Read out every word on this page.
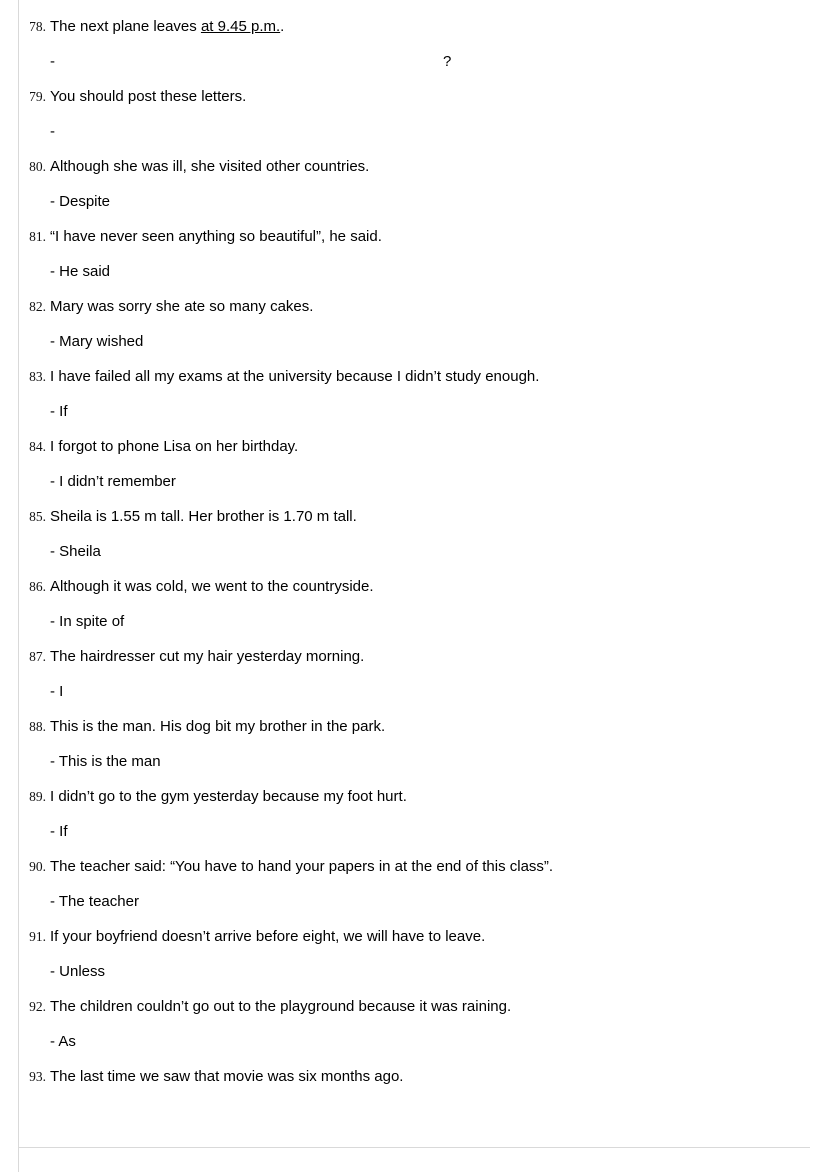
78. The next plane leaves at 9.45 p.m..
-	?
79. You should post these letters.
-
80. Although she was ill, she visited other countries.
- Despite
81. “I have never seen anything so beautiful”, he said.
- He said
82. Mary was sorry she ate so many cakes.
- Mary wished
83. I have failed all my exams at the university because I didn’t study enough.
- If
84. I forgot to phone Lisa on her birthday.
- I didn’t remember
85. Sheila is 1.55 m tall. Her brother is 1.70 m tall.
- Sheila
86. Although it was cold, we went to the countryside.
- In spite of
87. The hairdresser cut my hair yesterday morning.
- I
88. This is the man. His dog bit my brother in the park.
- This is the man
89. I didn’t go to the gym yesterday because my foot hurt.
- If
90. The teacher said: “You have to hand your papers in at the end of this class”.
- The teacher
91. If your boyfriend doesn’t arrive before eight, we will have to leave.
- Unless
92. The children couldn’t go out to the playground because it was raining.
- As
93. The last time we saw that movie was six months ago.
